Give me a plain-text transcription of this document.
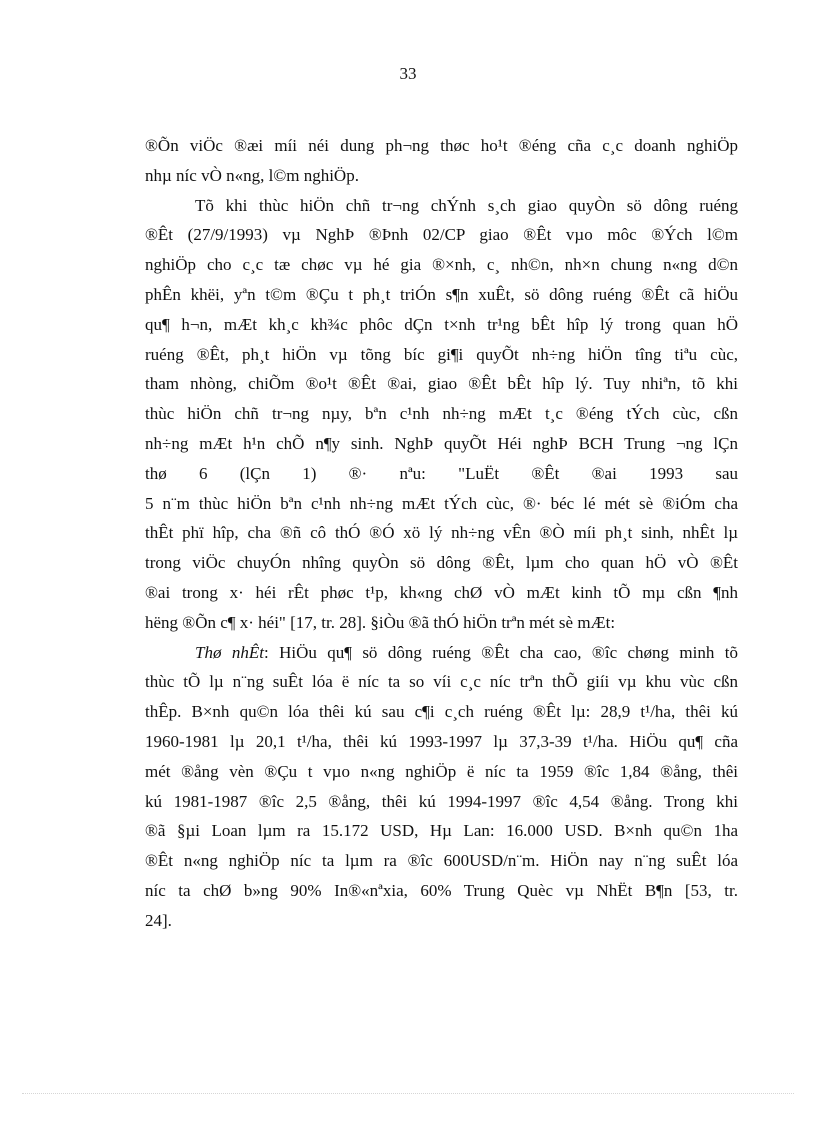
33
®Õn viÖc ®æi míi néi dung ph¬ng thøc ho¹t ®éng cña c¸c doanh nghiÖp
nhµ níc vÒ n«ng, l©m nghiÖp.
Tõ khi thùc hiÖn chñ tr¬ng chÝnh s¸ch giao quyÒn sö dông ruéng
®Êt (27/9/1993) vµ NghÞ ®Þnh 02/CP giao ®Êt vµo môc ®Ých l©m
nghiÖp cho c¸c tæ chøc vµ hé gia ®×nh, c¸ nh©n, nh×n chung n«ng d©n
phÊn khëi, yªn t©m ®Çu t ph¸t triÓn s¶n xuÊt, sö dông ruéng ®Êt cã hiÖu
qu¶ h¬n, mÆt kh¸c kh¾c phôc dÇn t×nh tr¹ng bÊt hîp lý trong quan hÖ
ruéng ®Êt, ph¸t hiÖn vµ tõng bíc gi¶i quyÕt nh÷ng hiÖn tîng tiªu cùc,
tham nhòng, chiÕm ®o¹t ®Êt ®ai, giao ®Êt bÊt hîp lý. Tuy nhiªn, tõ khi
thùc hiÖn chñ tr¬ng nµy, bªn c¹nh nh÷ng mÆt t¸c ®éng tÝch cùc, cßn
nh÷ng mÆt h¹n chÕ n¶y sinh. NghÞ quyÕt Héi nghÞ BCH Trung ¬ng lÇn
thø 6 (lÇn 1) ®· nªu: "LuËt ®Êt ®ai 1993 sau
5 n¨m thùc hiÖn bªn c¹nh nh÷ng mÆt tÝch cùc, ®· béc lé mét sè ®iÓm cha
thÊt phï hîp, cha ®ñ cô thÓ ®Ó xö lý nh÷ng vÊn ®Ò míi ph¸t sinh, nhÊt lµ
trong viÖc chuyÓn nhîng quyÒn sö dông ®Êt, lµm cho quan hÖ vÒ ®Êt
®ai trong x· héi rÊt phøc t¹p, kh«ng chØ vÒ mÆt kinh tÕ mµ cßn ¶nh
hëng ®Õn c¶ x· héi" [17, tr. 28]. §iÒu ®ã thÓ hiÖn trªn mét sè mÆt:
Thø nhÊt: HiÖu qu¶ sö dông ruéng ®Êt cha cao, ®îc chøng minh tõ
thùc tÕ lµ n¨ng suÊt lóa ë níc ta so víi c¸c níc trªn thÕ giíi vµ khu vùc cßn
thÊp. B×nh qu©n lóa thêi kú sau c¶i c¸ch ruéng ®Êt lµ: 28,9 t¹/ha, thêi kú
1960-1981 lµ 20,1 t¹/ha, thêi kú 1993-1997 lµ 37,3-39 t¹/ha. HiÖu qu¶ cña
mét ®ång vèn ®Çu t vµo n«ng nghiÖp ë níc ta 1959 ®îc 1,84 ®ång, thêi
kú 1981-1987 ®îc 2,5 ®ång, thêi kú 1994-1997 ®îc 4,54 ®ång. Trong khi
®ã §µi Loan lµm ra 15.172 USD, Hµ Lan: 16.000 USD. B×nh qu©n 1ha
®Êt n«ng nghiÖp níc ta lµm ra ®îc 600USD/n¨m. HiÖn nay n¨ng suÊt lóa
níc ta chØ b»ng 90% In®«nªxia, 60% Trung Quèc vµ NhËt B¶n [53, tr.
24].
